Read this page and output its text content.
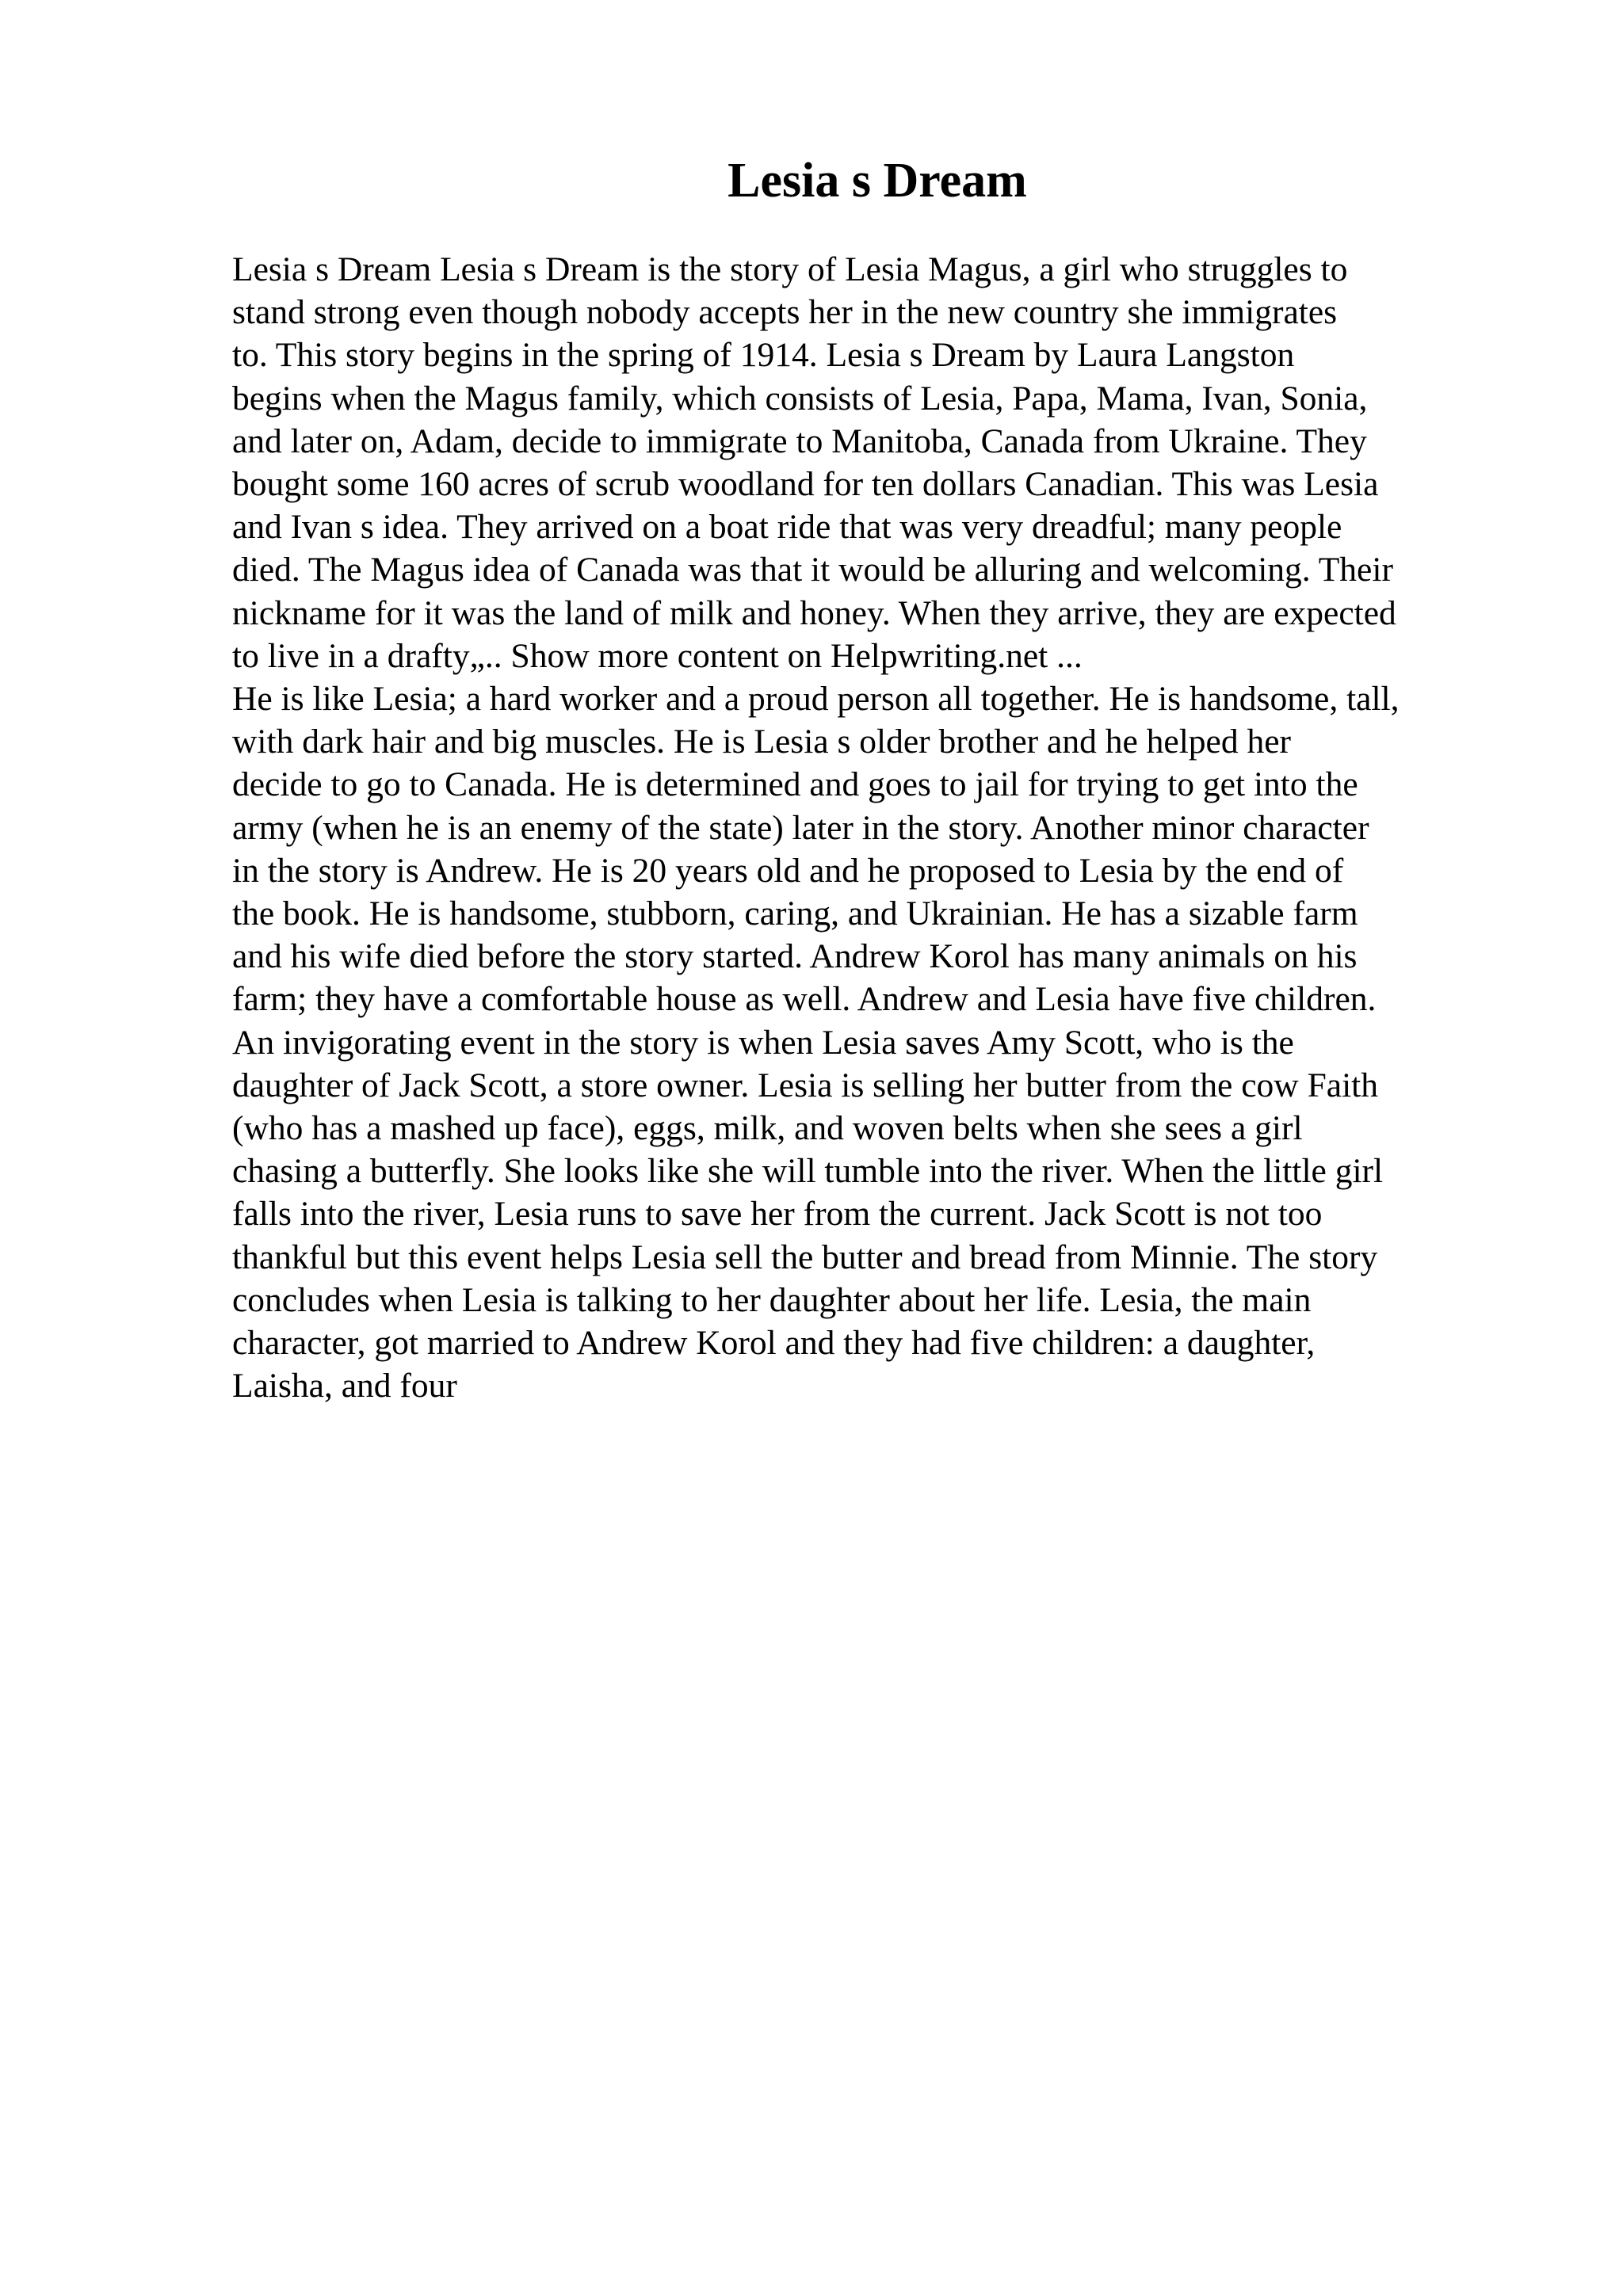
Lesia s Dream
Lesia s Dream Lesia s Dream is the story of Lesia Magus, a girl who struggles to
stand strong even though nobody accepts her in the new country she immigrates
to. This story begins in the spring of 1914. Lesia s Dream by Laura Langston
begins when the Magus family, which consists of Lesia, Papa, Mama, Ivan, Sonia,
and later on, Adam, decide to immigrate to Manitoba, Canada from Ukraine. They
bought some 160 acres of scrub woodland for ten dollars Canadian. This was Lesia
and Ivan s idea. They arrived on a boat ride that was very dreadful; many people
died. The Magus idea of Canada was that it would be alluring and welcoming. Their
nickname for it was the land of milk and honey. When they arrive, they are expected
to live in a drafty„.. Show more content on Helpwriting.net ...
He is like Lesia; a hard worker and a proud person all together. He is handsome, tall,
with dark hair and big muscles. He is Lesia s older brother and he helped her
decide to go to Canada. He is determined and goes to jail for trying to get into the
army (when he is an enemy of the state) later in the story. Another minor character
in the story is Andrew. He is 20 years old and he proposed to Lesia by the end of
the book. He is handsome, stubborn, caring, and Ukrainian. He has a sizable farm
and his wife died before the story started. Andrew Korol has many animals on his
farm; they have a comfortable house as well. Andrew and Lesia have five children.
An invigorating event in the story is when Lesia saves Amy Scott, who is the
daughter of Jack Scott, a store owner. Lesia is selling her butter from the cow Faith
(who has a mashed up face), eggs, milk, and woven belts when she sees a girl
chasing a butterfly. She looks like she will tumble into the river. When the little girl
falls into the river, Lesia runs to save her from the current. Jack Scott is not too
thankful but this event helps Lesia sell the butter and bread from Minnie. The story
concludes when Lesia is talking to her daughter about her life. Lesia, the main
character, got married to Andrew Korol and they had five children: a daughter,
Laisha, and four
